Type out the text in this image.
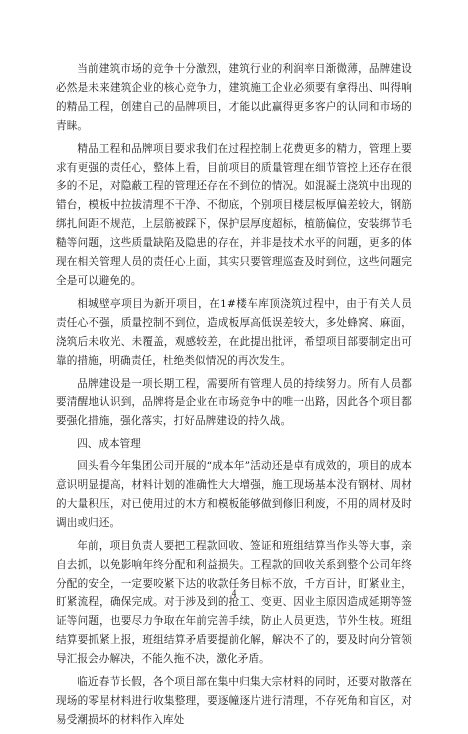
当前建筑市场的竞争十分激烈，建筑行业的利润率日渐微薄，品牌建设必然是未来建筑企业的核心竞争力，建筑施工企业必须要有拿得出、叫得响的精品工程，创建自己的品牌项目，才能以此赢得更多客户的认同和市场的青睐。

精品工程和品牌项目要求我们在过程控制上花费更多的精力，管理上要求有更强的责任心，整体上看，目前项目的质量管理在细节管控上还存在很多的不足，对隐蔽工程的管理还存在不到位的情况。如混凝土浇筑中出现的错台，模板中拉拔清理不干净、不彻底，个别项目楼层板厚偏差较大，钢筋绑扎间距不规范，上层筋被踩下，保护层厚度超标，植筋偏位，安装绑节毛糙等问题，这些质量缺陷及隐患的存在，并非是技术水平的问题，更多的体现在相关管理人员的责任心上面，其实只要管理巡查及时到位，这些问题完全是可以避免的。

相城壁亭项目为新开项目，在1#楼车库顶浇筑过程中，由于有关人员责任心不强，质量控制不到位，造成板厚高低误差较大，多处蜂窝、麻面，浇筑后未收光、未覆盖，观感较差，在此提出批评，希望项目部要制定出可靠的措施，明确责任，杜绝类似情况的再次发生。

品牌建设是一项长期工程，需要所有管理人员的持续努力。所有人员都要清醒地认识到，品牌将是企业在市场竞争中的唯一出路，因此各个项目都要强化措施，强化落实，打好品牌建设的持久战。

四、成本管理

回头看今年集团公司开展的“成本年”活动还是卓有成效的，项目的成本意识明显提高，材料计划的准确性大大增强，施工现场基本没有钢材、周材的大量积压，对已使用过的木方和模板能够做到修旧利废，不用的周材及时调出或归还。

年前，项目负责人要把工程款回收、签证和班组结算当作头等大事，亲自去抓，以免影响年终分配和利益损失。工程款的回收关系到整个公司年终分配的安全，一定要咬紧下达的收款任务目标不放，千方百计，盯紧业主，盯紧流程，确保完成。对于涉及到的抢工、变更、因业主原因造成延期等签证等问题，也要尽力争取在年前完善手续，防止人员更迭，节外生枝。班组结算要抓紧上报，班组结算矛盾要提前化解，解决不了的，要及时向分管领导汇报会办解决，不能久拖不决，激化矛盾。

临近春节长假，各个项目部在集中归集大宗材料的同时，还要对散落在现场的零星材料进行收集整理，要逐幢逐片进行清理，不存死角和盲区，对易受潮损坏的材料作入库处

4
